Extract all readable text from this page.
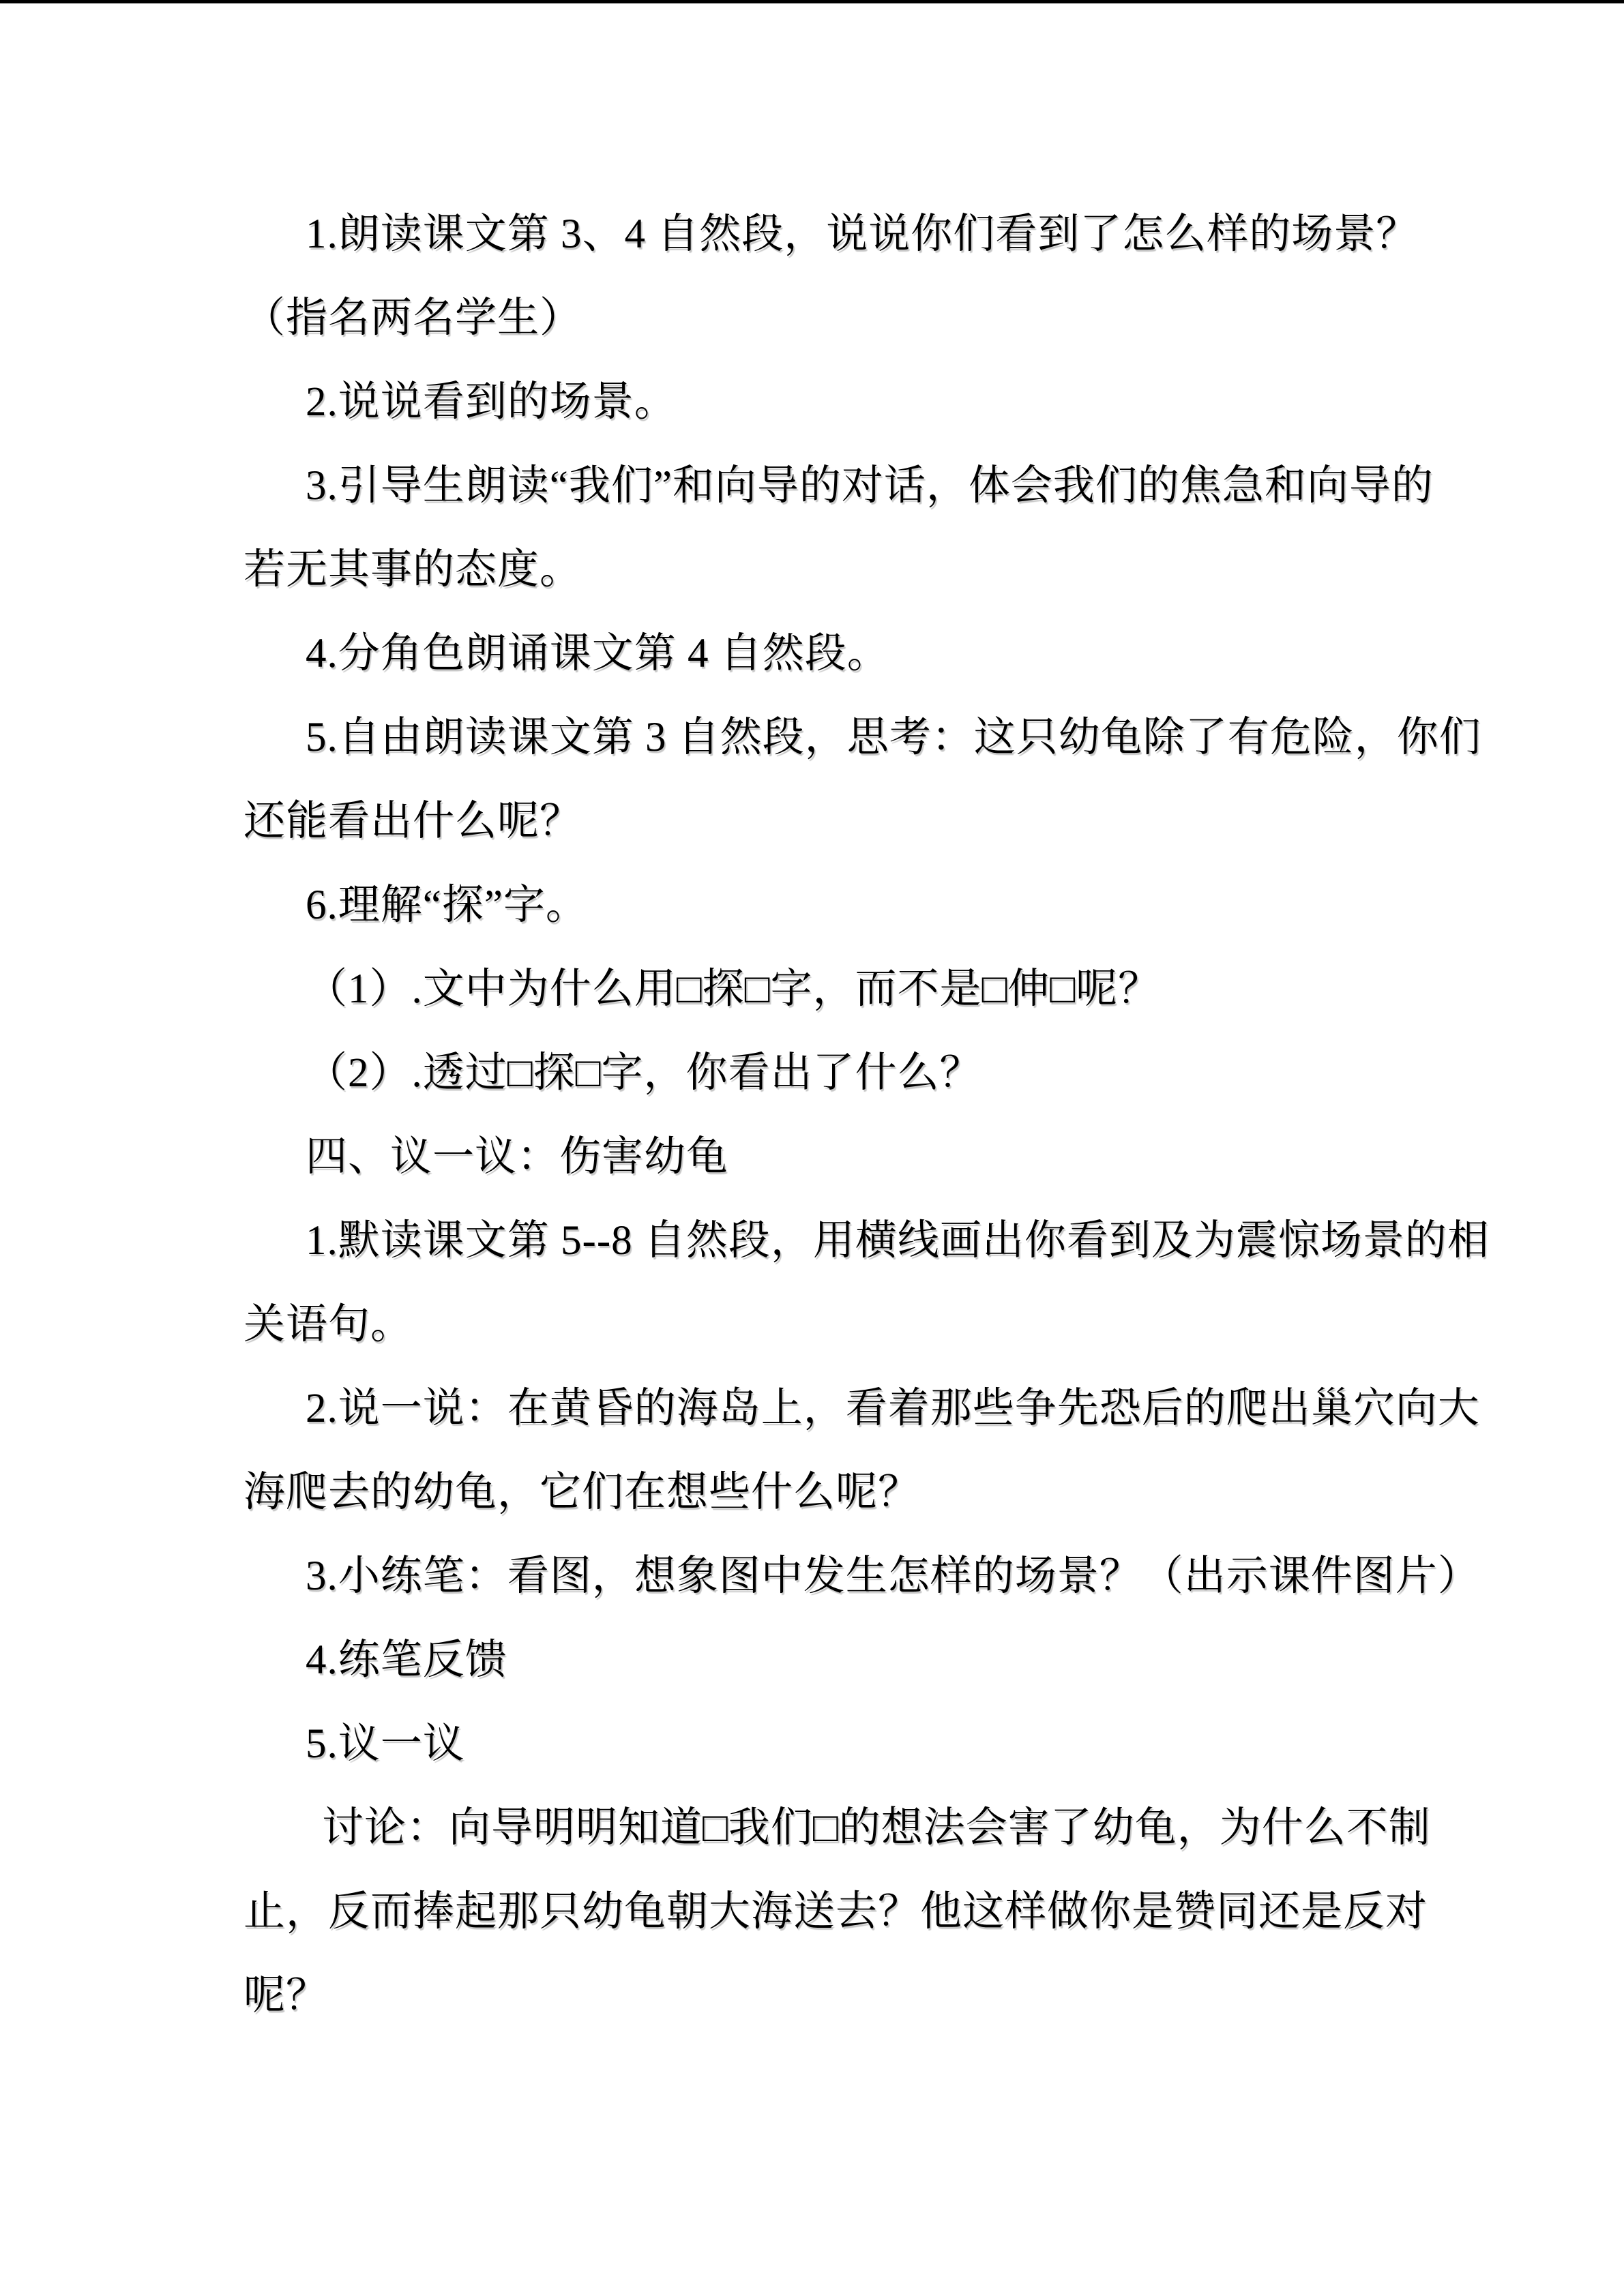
1.朗读课文第 3、4 自然段，说说你们看到了怎么样的场景？
（指名两名学生）
2.说说看到的场景。
3.引导生朗读“我们”和向导的对话，体会我们的焦急和向导的
若无其事的态度。
4.分角色朗诵课文第 4 自然段。
5.自由朗读课文第 3 自然段，思考：这只幼龟除了有危险，你们
还能看出什么呢？
6.理解“探”字。
（1）.文中为什么用□探□字，而不是□伸□呢？
（2）.透过□探□字，你看出了什么？
四、议一议：伤害幼龟
1.默读课文第 5--8 自然段，用横线画出你看到及为震惊场景的相
关语句。
2.说一说：在黄昏的海岛上，看着那些争先恐后的爬出巢穴向大
海爬去的幼龟，它们在想些什么呢？
3.小练笔：看图，想象图中发生怎样的场景？（出示课件图片）
4.练笔反馈
5.议一议
讨论：向导明明知道□我们□的想法会害了幼龟，为什么不制
止，反而捧起那只幼龟朝大海送去？他这样做你是赞同还是反对
呢？
